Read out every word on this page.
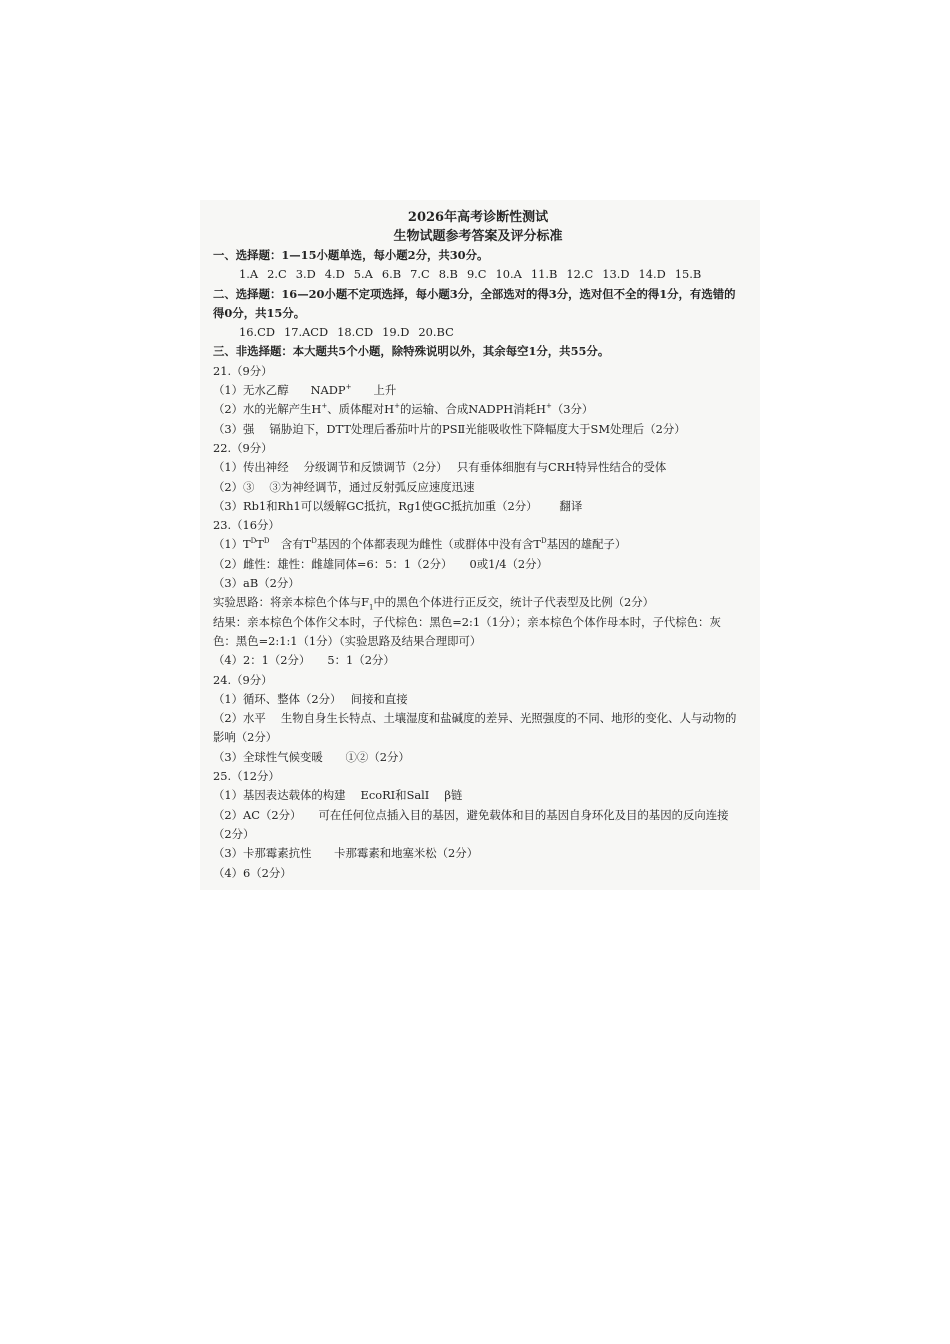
2026年高考诊断性测试
生物试题参考答案及评分标准
一、选择题：1—15小题单选，每小题2分，共30分。
1.A 2.C 3.D 4.D 5.A 6.B 7.C 8.B 9.C 10.A 11.B 12.C 13.D 14.D 15.B
二、选择题：16—20小题不定项选择，每小题3分，全部选对的得3分，选对但不全的得1分，有选错的得0分，共15分。
16.CD 17.ACD 18.CD 19.D 20.BC
三、非选择题：本大题共5个小题，除特殊说明以外，其余每空1分，共55分。
21.（9分）
（1）无水乙醇 NADP+ 上升
（2）水的光解产生H+、质体醌对H+的运输、合成NADPH消耗H+（3分）
（3）强　 镉胁迫下，DTT处理后番茄叶片的PSⅡ光能吸收性下降幅度大于SM处理后（2分）
22.（9分）
（1）传出神经　 分级调节和反馈调节（2分）　 只有垂体细胞有与CRH特异性结合的受体
（2）③　 ③为神经调节，通过反射弧反应速度迅速
（3）Rb1和Rh1可以缓解GC抵抗，Rg1使GC抵抗加重（2分） 翻译
23.（16分）
$(1)T^DT^D$　含有$T^D$基因的个体都表现为雌性（或群体中没有含$T^D$基因的雄配子）
（2）雌性：雄性：雌雄同体=6：5：1（2分）　　0或1/4（2分）
（3）aB（2分）
实验思路：将亲本棕色个体与$F_1$中的黑色个体进行正反交，统计子代表型及比例（2分）
结果：亲本棕色个体作父本时，子代棕色：黑色=2:1（1分）；亲本棕色个体作母本时，子代棕色：灰色：黑色=2:1:1（1分）（实验思路及结果合理即可）
（4）2：1（2分）　　5：1（2分）
24.（9分）
（1）循环、整体（2分）　 间接和直接
（2）水平　 生物自身生长特点、土壤湿度和盐碱度的差异、光照强度的不同、地形的变化、人与动物的影响（2分）
（3）全球性气候变暖　　①②（2分）
25.（12分）
（1）基因表达载体的构建　 EcoRⅠ和SalⅠ　 β链
（2）AC（2分）　　可在任何位点插入目的基因，避免载体和目的基因自身环化及目的基因的反向连接（2分）
（3）卡那霉素抗性　　卡那霉素和地塞米松（2分）
（4）6（2分）
